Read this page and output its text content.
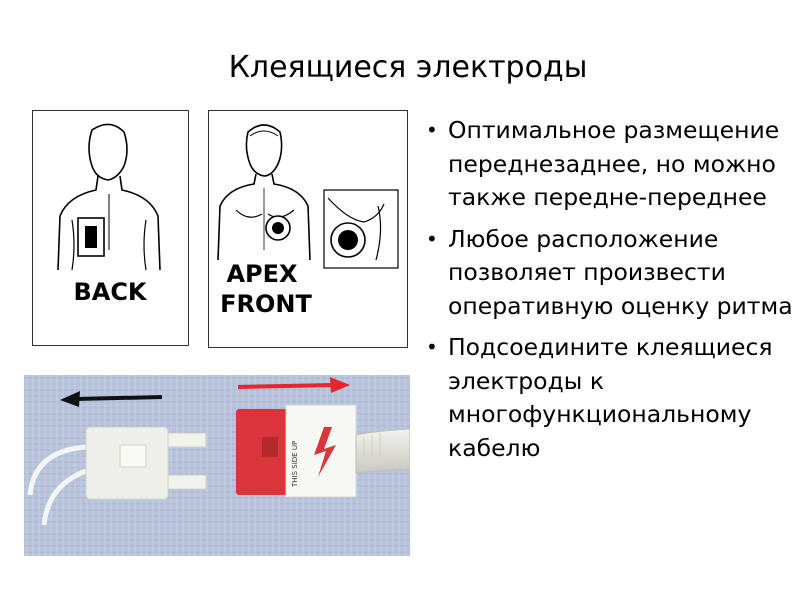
Клеящиеся электроды
BACK
APEX
FRONT
THIS SIDE UP
• Оптимальное размещение переднезаднее, но можно также передне-переднее
• Любое расположение позволяет произвести оперативную оценку ритма
• Подсоедините клеящиеся электроды к многофункциональному кабелю
